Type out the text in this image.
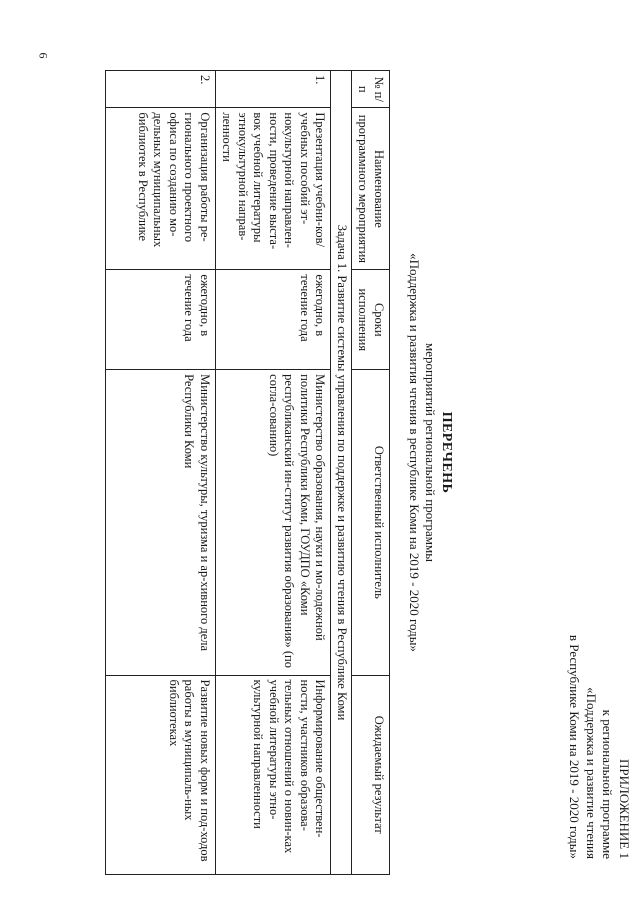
6
ПРИЛОЖЕНИЕ 1
к региональной программе
«Поддержка и развитие чтения
в Республике Коми на 2019 - 2020 годы»
ПЕРЕЧЕНЬ
мероприятий региональной программы
«Поддержка и развития чтения в республике Коми на 2019 - 2020 годы»
№ п/п	Наименование программного мероприятия	Сроки исполнения	Ответственный исполнитель	Ожидаемый результат
Задача 1. Развитие системы управления по поддержке и развитию чтения в Республике Коми				
1.	Презентация учебни-ков/учебных пособий эт-нокультурной направлен-ности, проведение выста-вок учебной литературы этнокультурной направ-ленности	ежегодно, в течение года	Министерство образования, науки и мо-лодежной политики Республики Коми, ГОУДПО «Коми республиканский ин-ститут развития образования» (по согла-сованию)	Информирование обществен-ности, участников образова-тельных отношений о новин-ках учебной литературы этно-культурной направленности
2.	Организация работы ре-гионального проектного офиса по созданию мо-дельных муниципальных библиотек в Республике	ежегодно, в течение года	Министерство культуры, туризма и ар-хивного дела Республики Коми	Развитие новых форм и под-ходов работы в муниципаль-ных библиотеках
